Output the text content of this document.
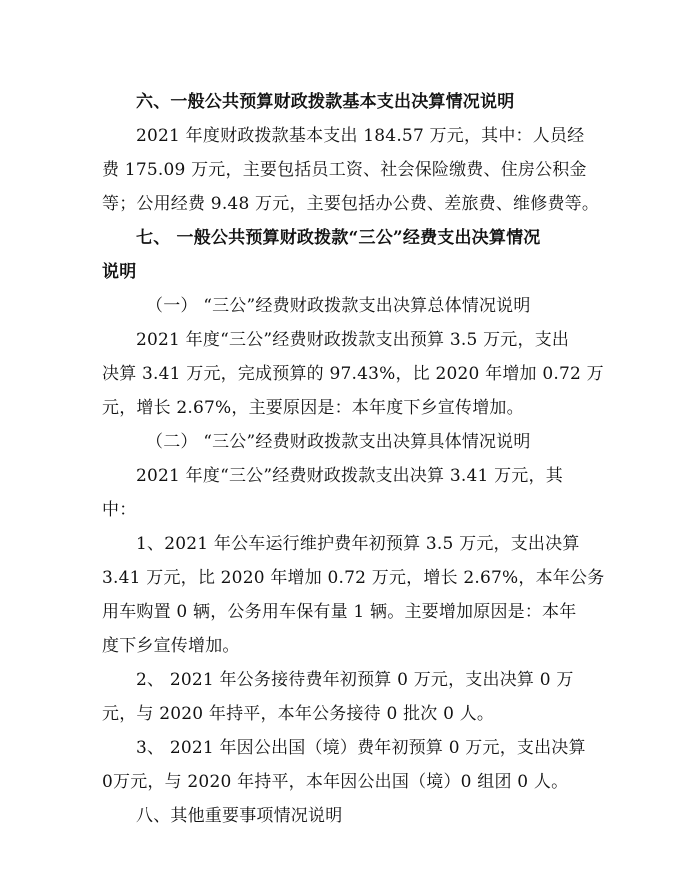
六、一般公共预算财政拨款基本支出决算情况说明
2021 年度财政拨款基本支出 184.57 万元，其中：人员经
费 175.09 万元，主要包括员工资、社会保险缴费、住房公积金
等；公用经费 9.48 万元，主要包括办公费、差旅费、维修费等。
七、 一般公共预算财政拨款“三公”经费支出决算情况
说明
（一） “三公”经费财政拨款支出决算总体情况说明
2021 年度“三公”经费财政拨款支出预算 3.5 万元，支出
决算 3.41 万元，完成预算的 97.43%，比 2020 年增加 0.72 万
元，增长 2.67%，主要原因是：本年度下乡宣传增加。
（二） “三公”经费财政拨款支出决算具体情况说明
2021 年度“三公”经费财政拨款支出决算 3.41 万元，其
中：
1、2021 年公车运行维护费年初预算 3.5 万元，支出决算
3.41 万元，比 2020 年增加 0.72 万元，增长 2.67%，本年公务
用车购置 0 辆，公务用车保有量 1 辆。主要增加原因是：本年
度下乡宣传增加。
2、 2021 年公务接待费年初预算 0 万元，支出决算 0 万
元，与 2020 年持平，本年公务接待 0 批次 0 人。
3、 2021 年因公出国（境）费年初预算 0 万元，支出决算
0万元，与 2020 年持平，本年因公出国（境）0 组团 0 人。
八、其他重要事项情况说明
